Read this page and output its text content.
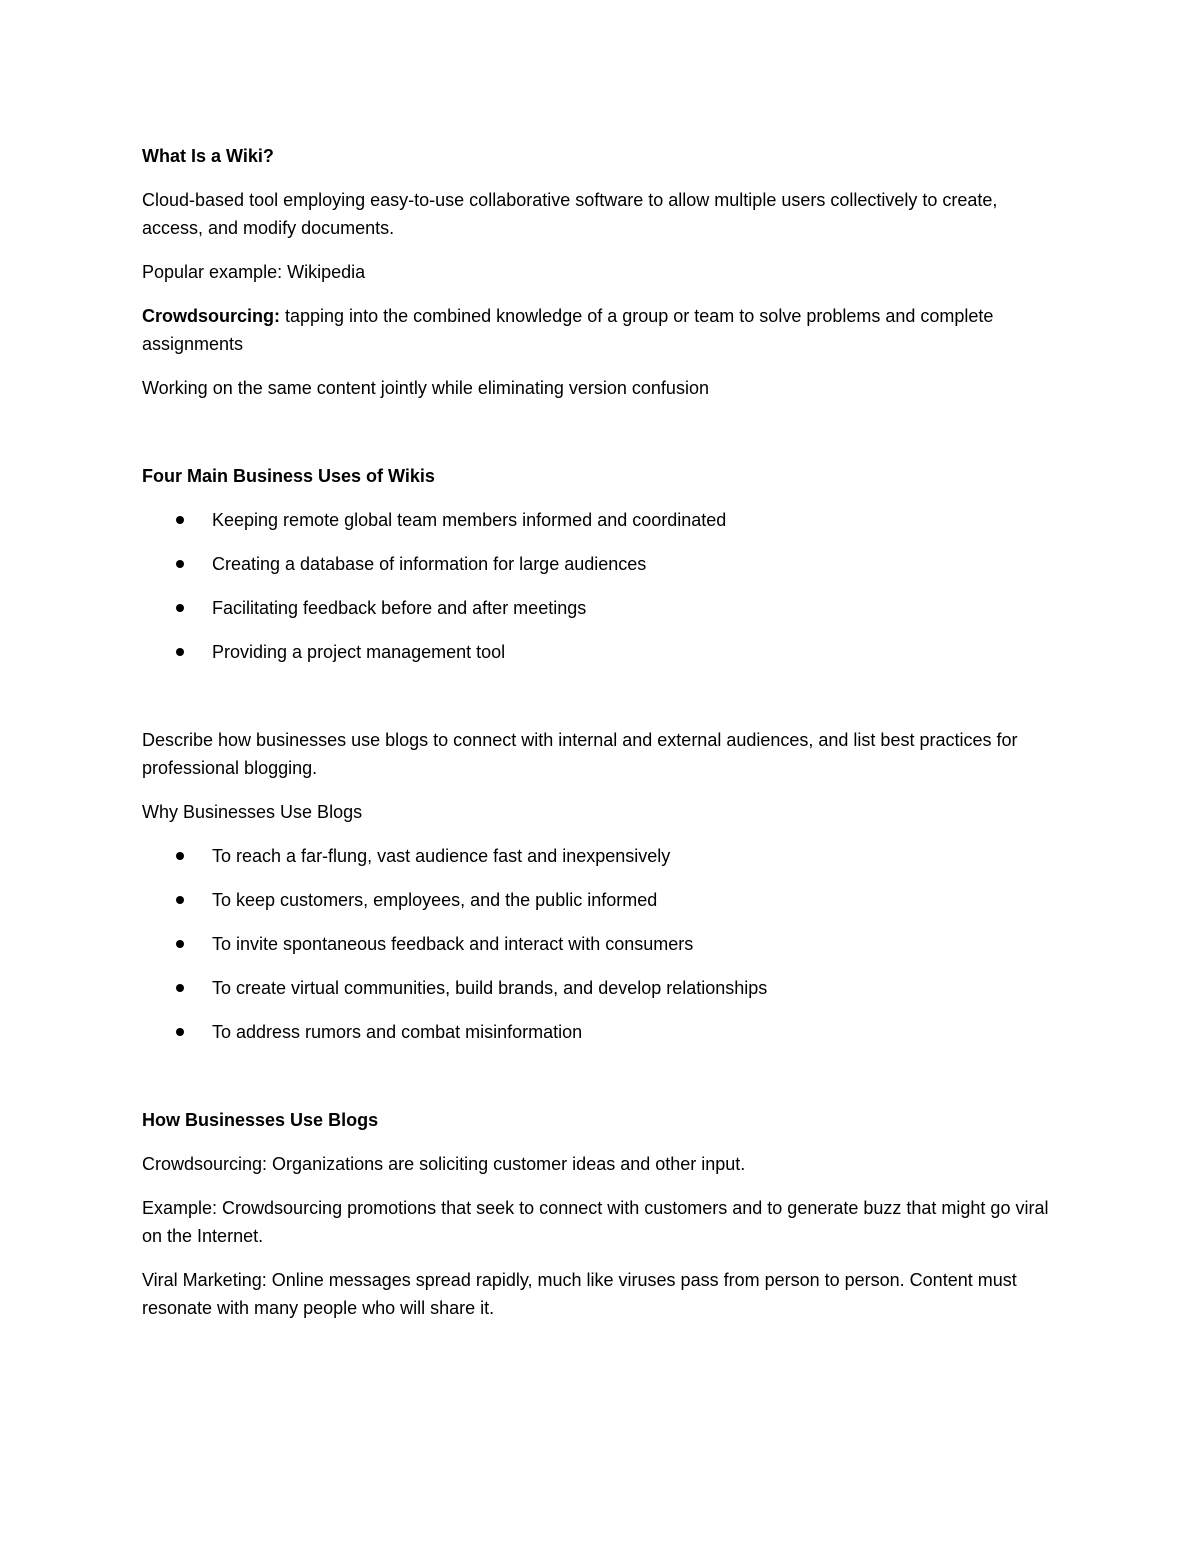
What Is a Wiki?

Cloud-based tool employing easy-to-use collaborative software to allow multiple users collectively to create, access, and modify documents.

Popular example: Wikipedia

Crowdsourcing: tapping into the combined knowledge of a group or team to solve problems and complete assignments

Working on the same content jointly while eliminating version confusion

Four Main Business Uses of Wikis

Keeping remote global team members informed and coordinated
Creating a database of information for large audiences
Facilitating feedback before and after meetings
Providing a project management tool

Describe how businesses use blogs to connect with internal and external audiences, and list best practices for professional blogging.

Why Businesses Use Blogs

To reach a far-flung, vast audience fast and inexpensively
To keep customers, employees, and the public informed
To invite spontaneous feedback and interact with consumers
To create virtual communities, build brands, and develop relationships
To address rumors and combat misinformation

How Businesses Use Blogs

Crowdsourcing: Organizations are soliciting customer ideas and other input.

Example: Crowdsourcing promotions that seek to connect with customers and to generate buzz that might go viral on the Internet.

Viral Marketing: Online messages spread rapidly, much like viruses pass from person to person. Content must resonate with many people who will share it.
